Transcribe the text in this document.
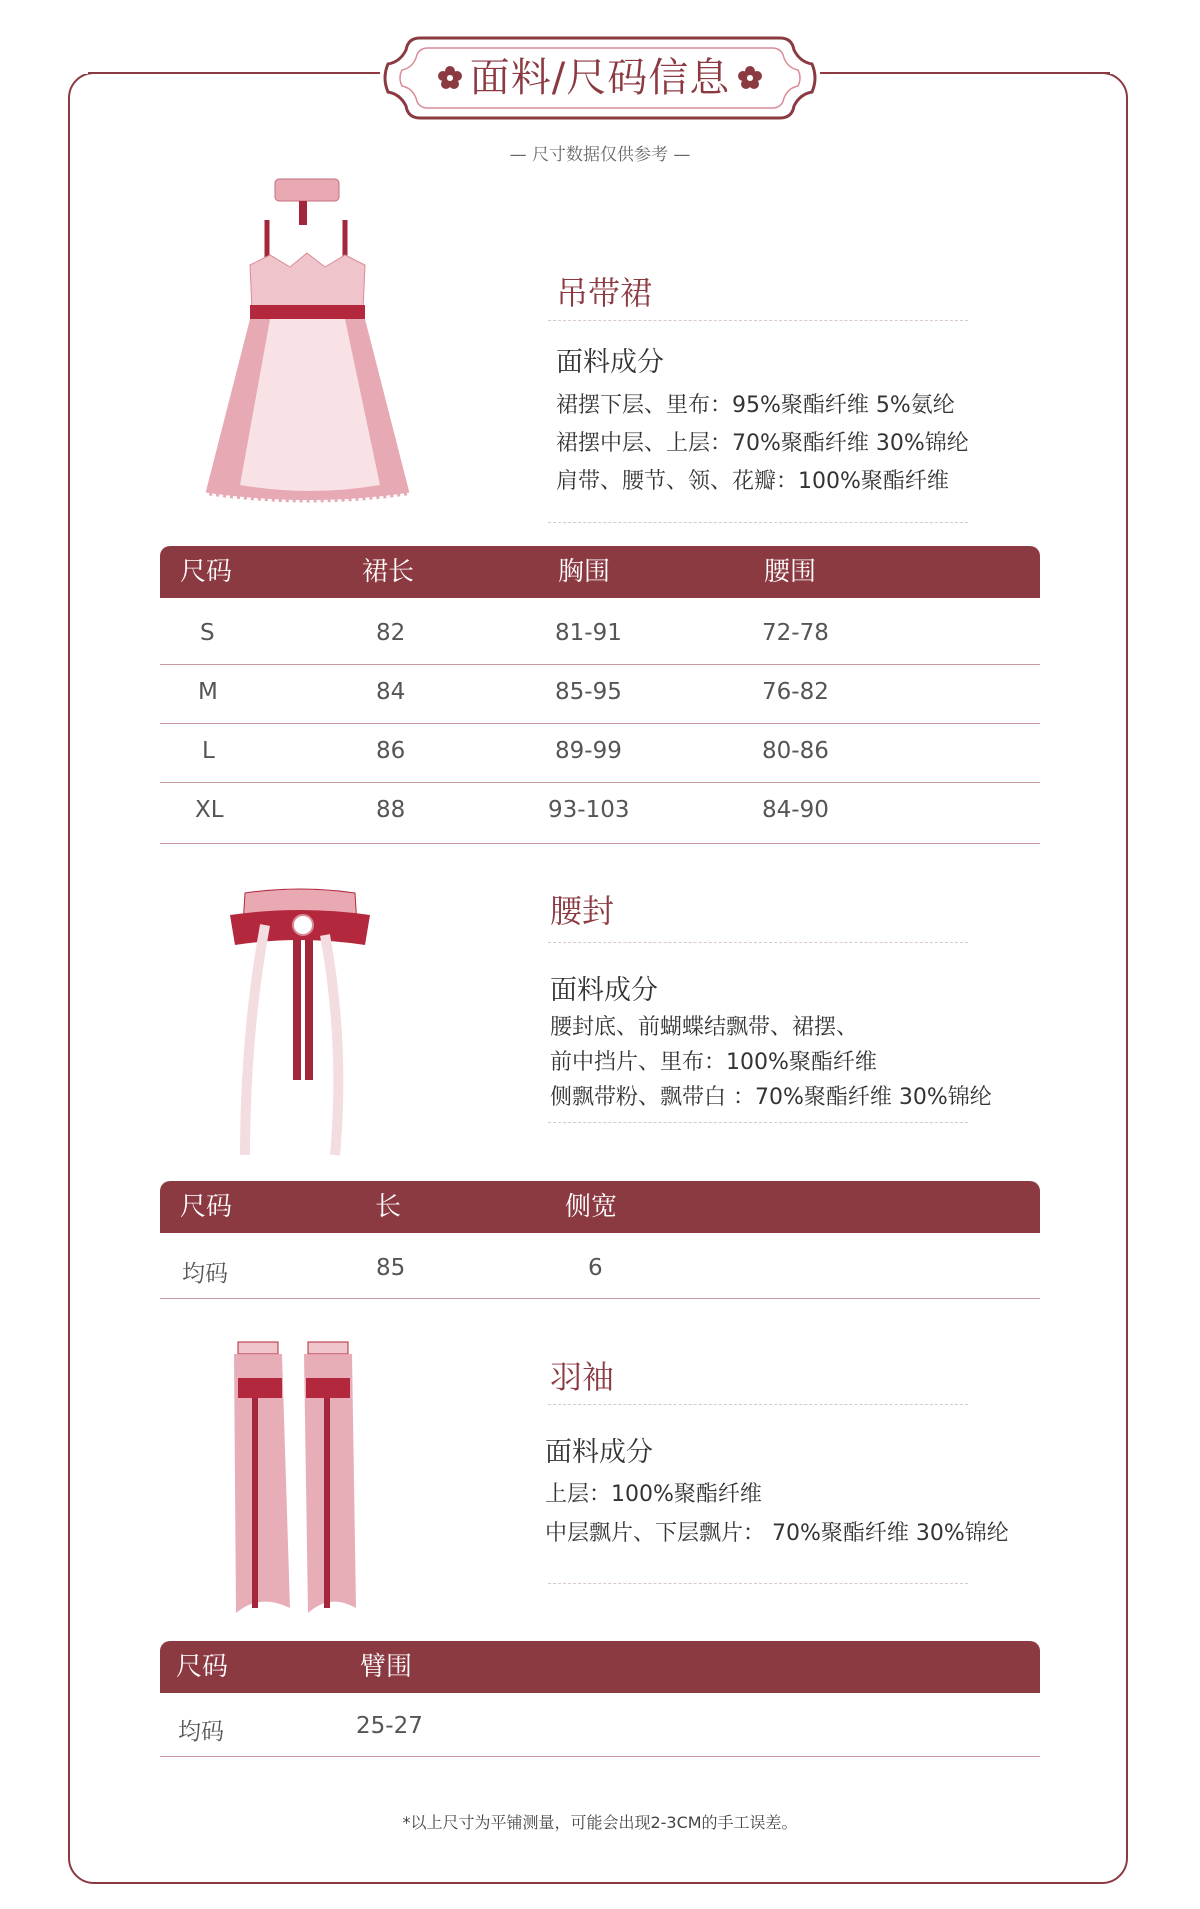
面料/尺码信息
— 尺寸数据仅供参考 —
吊带裙
面料成分
裙摆下层、里布：95%聚酯纤维 5%氨纶
裙摆中层、上层：70%聚酯纤维 30%锦纶
肩带、腰节、领、花瓣：100%聚酯纤维
尺码	裙长	胸围	腰围
S	82	81-91	72-78
M	84	85-95	76-82
L	86	89-99	80-86
XL	88	93-103	84-90
腰封
面料成分
腰封底、前蝴蝶结飘带、裙摆、
前中挡片、里布：100%聚酯纤维
侧飘带粉、飘带白 ：70%聚酯纤维 30%锦纶
尺码	长	侧宽
均码	85	6
羽袖
面料成分
上层：100%聚酯纤维
中层飘片、下层飘片： 70%聚酯纤维 30%锦纶
尺码	臂围
均码	25-27
*以上尺寸为平铺测量，可能会出现2-3CM的手工误差。
